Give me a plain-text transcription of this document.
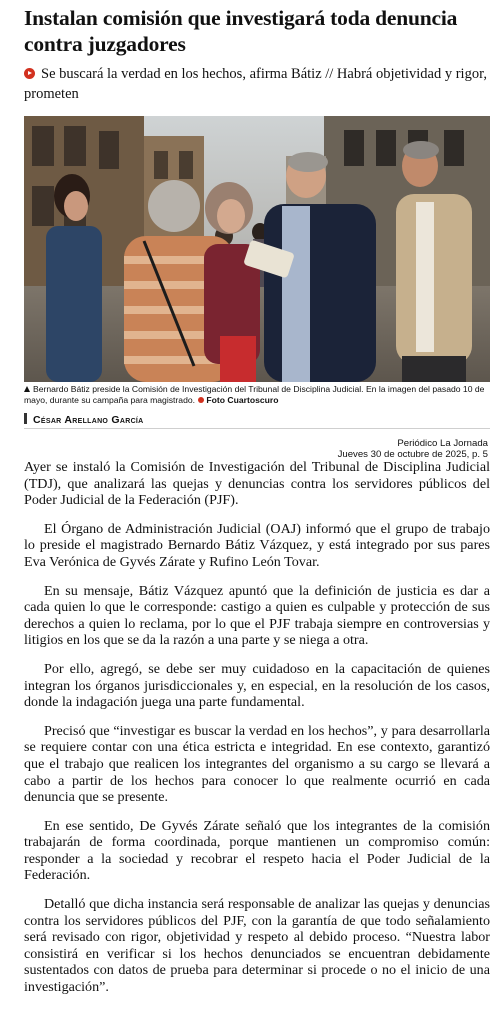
Instalan comisión que investigará toda denuncia contra juzgadores

Se buscará la verdad en los hechos, afirma Bátiz // Habrá objetividad y rigor, prometen

Bernardo Bátiz preside la Comisión de Investigación del Tribunal de Disciplina Judicial. En la imagen del pasado 10 de mayo, durante su campaña para magistrado. Foto Cuartoscuro
César Arellano García
Periódico La Jornada
Jueves 30 de octubre de 2025, p. 5

Ayer se instaló la Comisión de Investigación del Tribunal de Disciplina Judicial (TDJ), que analizará las quejas y denuncias contra los servidores públicos del Poder Judicial de la Federación (PJF).

El Órgano de Administración Judicial (OAJ) informó que el grupo de trabajo lo preside el magistrado Bernardo Bátiz Vázquez, y está integrado por sus pares Eva Verónica de Gyvés Zárate y Rufino León Tovar.

En su mensaje, Bátiz Vázquez apuntó que la definición de justicia es dar a cada quien lo que le corresponde: castigo a quien es culpable y protección de sus derechos a quien lo reclama, por lo que el PJF trabaja siempre en controversias y litigios en los que se da la razón a una parte y se niega a otra.

Por ello, agregó, se debe ser muy cuidadoso en la capacitación de quienes integran los órganos jurisdiccionales y, en especial, en la resolución de los casos, donde la indagación juega una parte fundamental.

Precisó que “investigar es buscar la verdad en los hechos”, y para desarrollarla se requiere contar con una ética estricta e integridad. En ese contexto, garantizó que el trabajo que realicen los integrantes del organismo a su cargo se llevará a cabo a partir de los hechos para conocer lo que realmente ocurrió en cada denuncia que se presente.

En ese sentido, De Gyvés Zárate señaló que los integrantes de la comisión trabajarán de forma coordinada, porque mantienen un compromiso común: responder a la sociedad y recobrar el respeto hacia el Poder Judicial de la Federación.

Detalló que dicha instancia será responsable de analizar las quejas y denuncias contra los servidores públicos del PJF, con la garantía de que todo señalamiento será revisado con rigor, objetividad y respeto al debido proceso. “Nuestra labor consistirá en verificar si los hechos denunciados se encuentran debidamente sustentados con datos de prueba para determinar si procede o no el inicio de una investigación”.
